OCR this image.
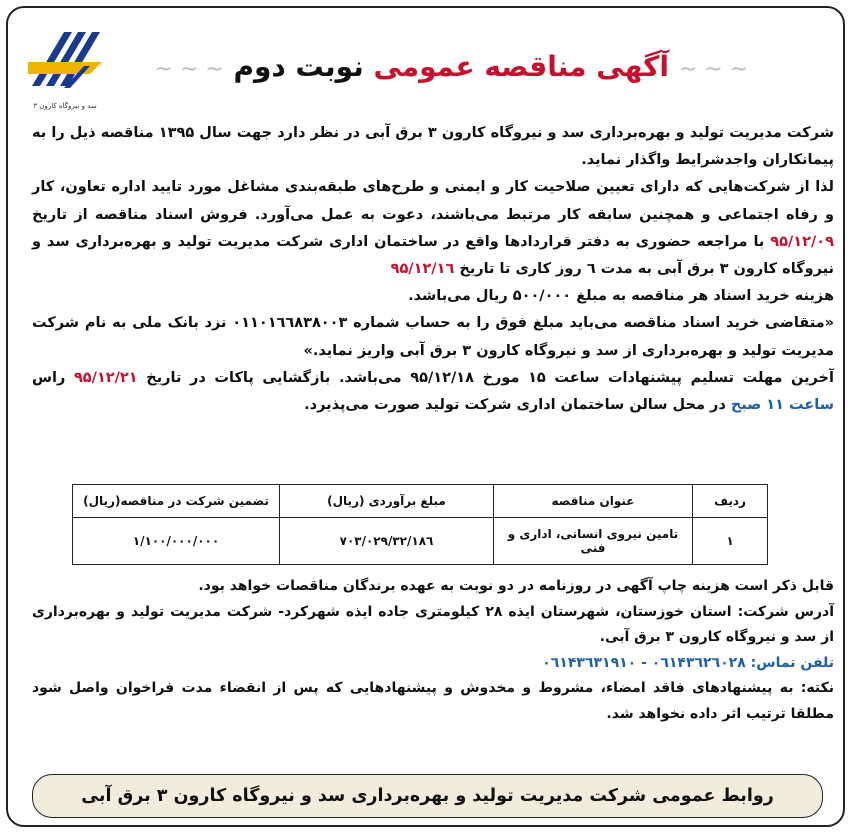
سد و نیروگاه کارون ۳
~ ~ ~ آگهی مناقصه عمومی نوبت دوم ~ ~ ~

شرکت مدیریت تولید و بهره‌برداری سد و نیروگاه کارون ۳ برق آبی در نظر دارد جهت سال ۱۳۹۵ مناقصه ذیل را به پیمانکاران واجدشرایط واگذار نماید.

لذا از شرکت‌هایی که دارای تعیین صلاحیت کار و ایمنی و طرح‌های طبقه‌بندی مشاغل مورد تایید اداره تعاون، کار و رفاه اجتماعی و همچنین سابقه کار مرتبط می‌باشند، دعوت به عمل می‌آورد. فروش اسناد مناقصه از تاریخ ۹۵/۱۲/۰۹ با مراجعه حضوری به دفتر قراردادها واقع در ساختمان اداری شرکت مدیریت تولید و بهره‌برداری سد و نیروگاه کارون ۳ برق آبی به مدت ٦ روز کاری تا تاریخ ۹۵/۱۲/۱٦

هزینه خرید اسناد هر مناقصه به مبلغ ۵۰۰/۰۰۰ ریال می‌باشد.

«متقاضی خرید اسناد مناقصه می‌باید مبلغ فوق را به حساب شماره ۰۱۱۰۱٦٦۸۳۸۰۰۳ نزد بانک ملی به نام شرکت مدیریت تولید و بهره‌برداری از سد و نیروگاه کارون ۳ برق آبی واریز نماید.»

آخرین مهلت تسلیم پیشنهادات ساعت ۱۵ مورخ ۹۵/۱۲/۱۸ می‌باشد. بازگشایی پاکات در تاریخ ۹۵/۱۲/۲۱ راس ساعت ۱۱ صبح در محل سالن ساختمان اداری شرکت تولید صورت می‌پذیرد.

ردیف	عنوان مناقصه	مبلغ برآوردی (ریال)	تضمین شرکت در مناقصه(ریال)
۱	تامین نیروی انسانی، اداری و فنی	۳۲/۱۸٦/۷۰۳/۰۲۹	۱/۱۰۰/۰۰۰/۰۰۰

قابل ذکر است هزینه چاپ آگهی در روزنامه در دو نوبت به عهده برندگان مناقصات خواهد بود.

آدرس شرکت: استان خوزستان، شهرستان ایذه ۲۸ کیلومتری جاده ایذه شهرکرد- شرکت مدیریت تولید و بهره‌برداری از سد و نیروگاه کارون ۳ برق آبی.

تلفن تماس: ۰٦۱۴۳٦۲٦۰۲۸ - ۰٦۱۴۳٦۳۱۹۱۰

نکته: به پیشنهادهای فاقد امضاء، مشروط و مخدوش و پیشنهادهایی که پس از انقضاء مدت فراخوان واصل شود مطلقا ترتیب اثر داده نخواهد شد.

روابط عمومی شرکت مدیریت تولید و بهره‌برداری سد و نیروگاه کارون ۳ برق آبی
